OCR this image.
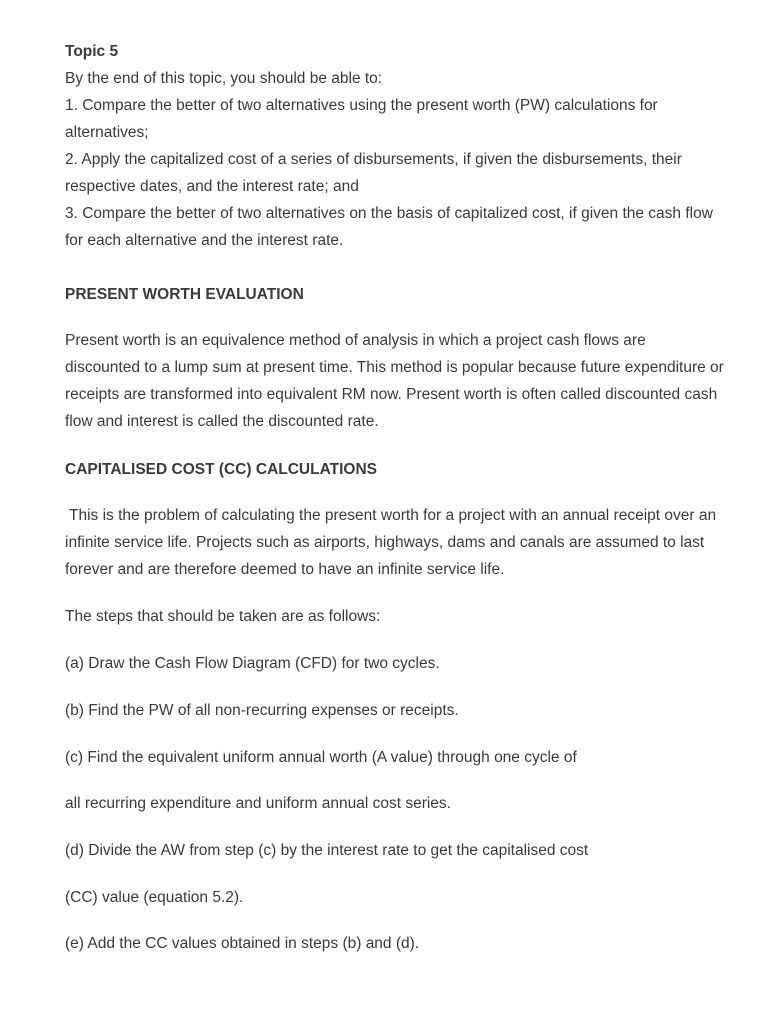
Topic 5
By the end of this topic, you should be able to:
1. Compare the better of two alternatives using the present worth (PW) calculations for
alternatives;
2. Apply the capitalized cost of a series of disbursements, if given the disbursements, their
respective dates, and the interest rate; and
3. Compare the better of two alternatives on the basis of capitalized cost, if given the cash flow
for each alternative and the interest rate.
PRESENT WORTH EVALUATION
Present worth is an equivalence method of analysis in which a project cash flows are
discounted to a lump sum at present time. This method is popular because future expenditure or
receipts are transformed into equivalent RM now. Present worth is often called discounted cash
flow and interest is called the discounted rate.
CAPITALISED COST (CC) CALCULATIONS
This is the problem of calculating the present worth for a project with an annual receipt over an
infinite service life. Projects such as airports, highways, dams and canals are assumed to last
forever and are therefore deemed to have an infinite service life.
The steps that should be taken are as follows:
(a) Draw the Cash Flow Diagram (CFD) for two cycles.
(b) Find the PW of all non-recurring expenses or receipts.
(c) Find the equivalent uniform annual worth (A value) through one cycle of
all recurring expenditure and uniform annual cost series.
(d) Divide the AW from step (c) by the interest rate to get the capitalised cost
(CC) value (equation 5.2).
(e) Add the CC values obtained in steps (b) and (d).
